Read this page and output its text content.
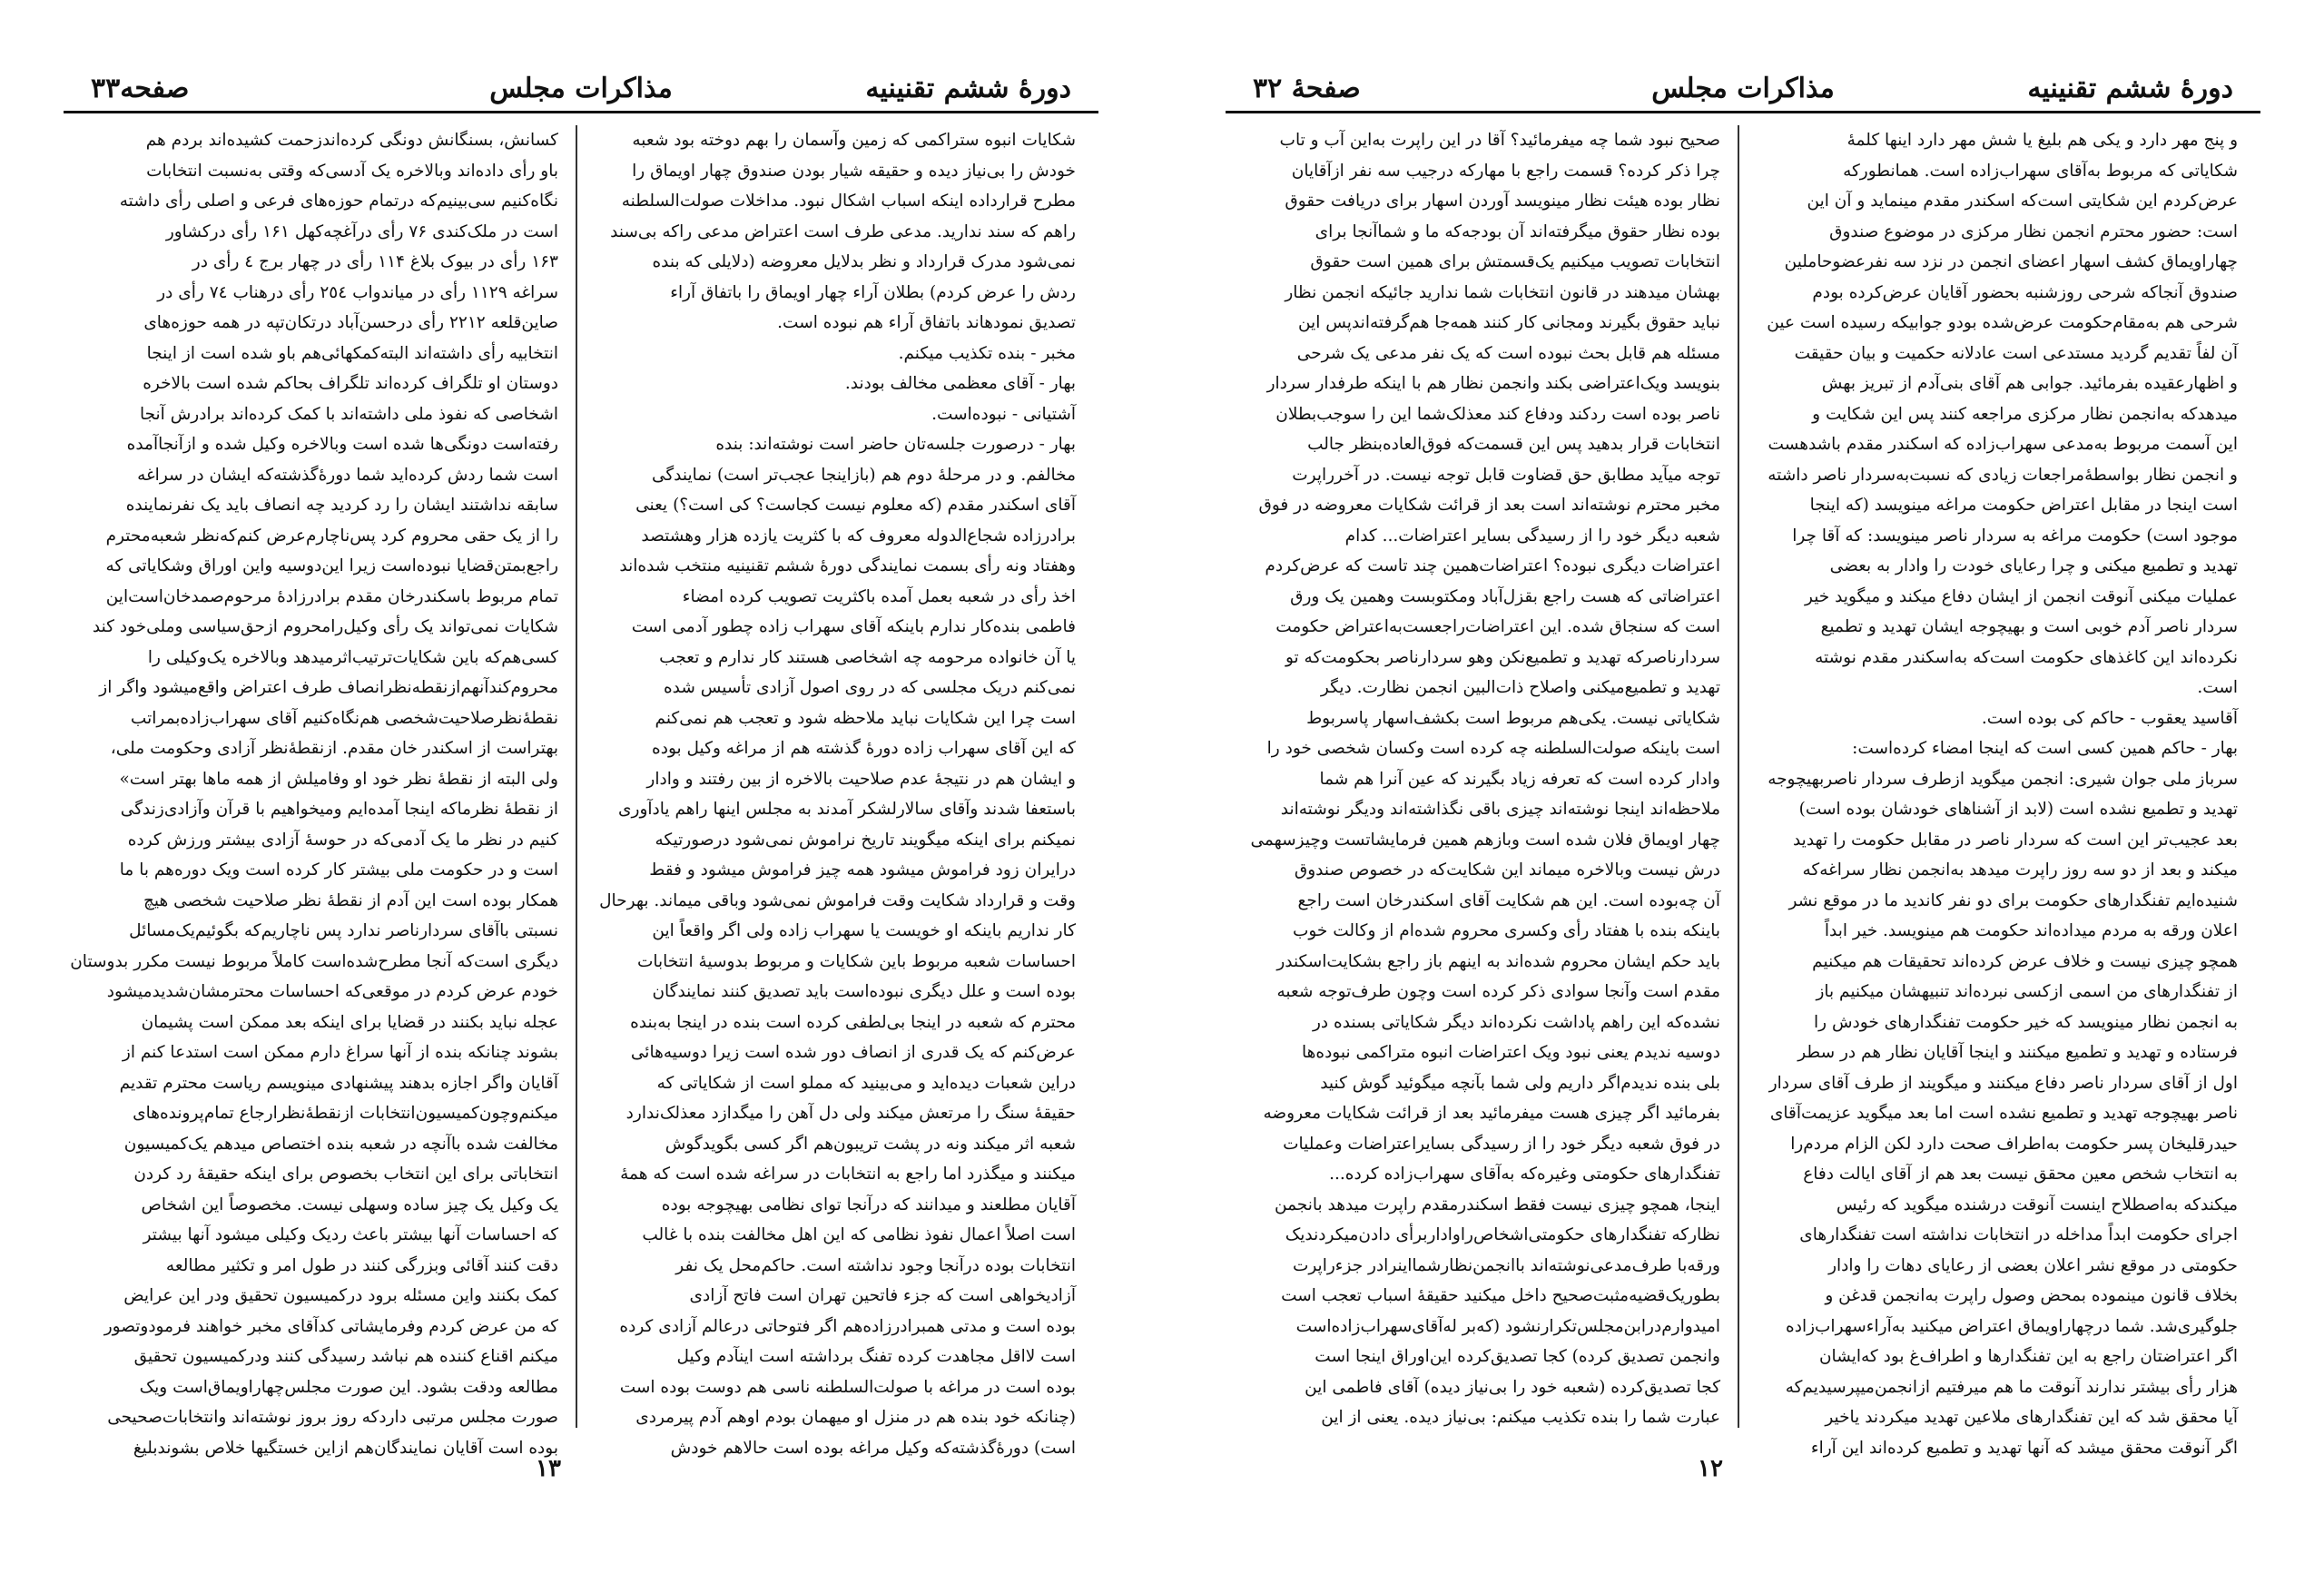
صفحه۳۳	مذاکرات مجلس	دورۀ ششم تقنینیه
کسانش، بسنگانش دونگی کرده‌اندزحمت کشیده‌اند بردم هم
باو رأی داده‌اند وبالاخره یک آدسی‌که وقتی به‌نسبت انتخابات
نگاه‌کنیم سی‌بینیم‌که درتمام حوزه‌های فرعی و اصلی رأی داشته
است در ملک‌کندی ۷۶ رأی درآغچه‌کهل ۱۶۱ رأی درکشاور
۱۶۳ رأی در بیوک بلاغ ۱۱۴ رأی در چهار برج ٤ رأی در
سراغه ۱۱۲۹ رأی در میاندواب ۲٥٤ رأی درهناب ۷٤ رأی در
صاین‌قلعه ۲۲۱۲ رأی درحسن‌آباد درتکان‌تپه در همه حوزه‌های
انتخابیه رأی داشته‌اند البته‌کمکهائی‌هم باو شده است از اینجا
دوستان او تلگراف کرده‌اند تلگراف بحاکم شده است بالاخره
اشخاصی که نفوذ ملی داشته‌اند با کمک کرده‌اند برادرش آنجا
رفته‌است دونگی‌ها شده است وبالاخره وکیل شده و ازآنجاآمده
است شما ردش کرده‌اید شما دورۀگذشته‌که ایشان در سراغه
سابقه نداشتند ایشان را رد کردید چه انصاف باید یک نفرنماینده
را از یک حقی محروم کرد پس‌ناچارم‌عرض کنم‌که‌نظر شعبه‌محترم
راجع‌بمتن‌قضایا نبوده‌است زیرا این‌دوسیه واین اوراق وشکایاتی که
تمام مربوط باسکندرخان مقدم برادرزادۀ مرحوم‌صمدخان‌است‌این
شکایات نمی‌تواند یک رأی وکیل‌رامحروم ازحق‌سیاسی وملی‌خود کند
کسی‌هم‌که باین شکایات‌ترتیب‌اثرمیدهد وبالاخره یک‌وکیلی را
محروم‌کند‌آنهم‌ازنقطه‌نظر‌انصاف طرف اعتراض واقع‌میشود واگر از
نقطۀ‌نظرصلاحیت‌شخصی هم‌نگاه‌کنیم آقای سهراب‌زاده‌بمراتب
بهتراست از اسکندر خان مقدم. ازنقطۀ‌نظر آزادی وحکومت ملی،
ولی البته از نقطۀ نظر خود او وفامیلش از همه ماها بهتر است»
از نقطۀ نظرما‌که اینجا آمده‌ایم ومیخواهیم با قرآن وآزادی‌زندگی
کنیم در نظر ما یک آدمی‌که در حوسۀ آزادی بیشتر ورزش کرده
است و در حکومت ملی بیشتر کار کرده است ویک دوره‌هم با ما
همکار بوده است این آدم از نقطۀ نظر صلاحیت شخصی هیچ
نسبتی باآقای سردارناصر ندارد پس ناچاریم‌که بگوئیم‌یک‌مسائل
دیگری است‌که آنجا مطرح‌شده‌است کاملاً مربوط نیست مکرر بدوستان
خودم عرض کردم در موقعی‌که احساسات محترمشان‌شدید‌میشود
عجله نباید بکنند در قضایا برای اینکه بعد ممکن است پشیمان
بشوند چنانکه بنده از آنها سراغ دارم ممکن است استدعا کنم از
آقایان واگر اجازه بدهند پیشنهادی مینویسم ریاست محترم تقدیم
میکنم‌وچون‌کمیسیون‌انتخابات ازنقطۀ‌نظرارجاع تمام‌پرونده‌های
مخالفت شده باآنچه در شعبه بنده اختصاص میدهم یک‌کمیسیون
انتخاباتی برای این انتخاب بخصوص برای اینکه حقیقۀ رد کردن
یک وکیل یک چیز ساده وسهلی نیست. مخصوصاً این اشخاص
که احساسات آنها بیشتر باعث ردیک وکیلی میشود آنها بیشتر
دقت کنند آقائی وبزرگی کنند در طول امر و تکثیر مطالعه
کمک بکنند واین مسئله برود درکمیسیون تحقیق ودر این عرایض
که من عرض کردم وفرمایشاتی کدآقای مخبر خواهند فرمودوتصور
میکنم اقناع کننده هم نباشد رسیدگی کنند ودرکمیسیون تحقیق
مطالعه ودقت بشود. این صورت مجلس‌چهاراویماق‌است ویک
صورت مجلس مرتبی دارد‌که روز بروز نوشته‌اند وانتخابات‌صحیحی
بوده است آقایان نمایندگان‌هم ازاین خستگیها خلاص بشوندبلیغ
شکایات انبوه ستراکمی که زمین وآسمان را بهم دوخته بود شعبه
خودش را بی‌نیاز دیده و حقیقه شیار بودن صندوق چهار اویماق را
مطرح قرارداده اینکه اسباب اشکال نبود. مداخلات صولت‌السلطنه
راهم که سند ندارید. مدعی طرف است اعتراض مدعی راکه بی‌سند
نمی‌شود مدرک قرارداد و نظر بدلایل معروضه (دلایلی که بنده
ردش را عرض کردم) بطلان آراء چهار اویماق را باتفاق آراء
تصدیق نمودهاند باتفاق آراء هم نبوده است.
مخبر - بنده تکذیب میکنم.
بهار - آقای معظمی مخالف بودند.
آشتیانی - نبوده‌است.
بهار - درصورت جلسه‌تان حاضر است نوشته‌اند: بنده
مخالفم. و در مرحلۀ دوم هم (بازاینجا عجب‌تر است) نمایندگی
آقای اسکندر مقدم (که معلوم نیست کجاست؟ کی است؟) یعنی
برادرزاده شجاع‌الدوله معروف که با کثریت یازده هزار وهشتصد
وهفتاد ونه رأی بسمت نمایندگی دورۀ ششم تقنینیه منتخب شده‌اند
اخذ رأی در شعبه بعمل آمده باکثریت تصویب کرده امضاء
فاطمی بنده‌کار ندارم باینکه آقای سهراب زاده چطور آدمی است
یا آن خانواده مرحومه چه اشخاصی هستند کار ندارم و تعجب
نمی‌کنم دریک مجلسی که در روی اصول آزادی تأسیس شده
است چرا این شکایات نباید ملاحظه شود و تعجب هم نمی‌کنم
که این آقای سهراب زاده دورۀ گذشته هم از مراغه وکیل بوده
و ایشان هم در نتیجۀ عدم صلاحیت بالاخره از بین رفتند و وادار
باستعفا شدند وآقای سالارلشکر آمدند به مجلس اینها راهم یادآوری
نمیکنم برای اینکه میگویند تاریخ نراموش نمی‌شود درصورتیکه
درایران زود فراموش میشود همه چیز فراموش میشود و فقط
وقت و قرارداد شکایت وقت فراموش نمی‌شود وباقی میماند. بهرحال
کار نداریم باینکه او خویست یا سهراب زاده ولی اگر واقعاً این
احساسات شعبه مربوط باین شکایات و مربوط بدوسیۀ انتخابات
بوده است و علل دیگری نبوده‌است باید تصدیق کنند نمایندگان
محترم که شعبه در اینجا بی‌لطفی کرده است بنده در اینجا به‌بنده
عرض‌کنم که یک قدری از انصاف دور شده است زیرا دوسیه‌هائی
دراین شعبات دیده‌اید و می‌بینید که مملو است از شکایاتی که
حقیقۀ سنگ را مرتعش میکند ولی دل آهن را میگدازد معذلک‌ندارد
شعبه اثر میکند ونه در پشت تریبون‌هم اگر کسی بگوید‌گوش
میکنند و میگذرد اما راجع به انتخابات در سراغه شده است که همۀ
آقایان مطلعند و میدانند که درآنجا توای نظامی بهیچوجه بوده
است اصلاً اعمال نفوذ نظامی که این اهل مخالفت بنده با غالب
انتخابات بوده درآنجا وجود نداشته است. حاکم‌محل یک نفر
آزادیخواهی است که جزء فاتحین تهران است فاتح آزادی
بوده است و مدتی همبرادرزاده‌هم اگر فتوحاتی درعالم آزادی کرده
است لااقل مجاهدت کرده تفنگ برداشته است اینآدم وکیل
بوده است در مراغه با صولت‌السلطنه ناسی هم دوست بوده است
(چنانکه خود بنده هم در منزل او میهمان بودم اوهم آدم پیرمردی
است) دورۀگذشته‌که وکیل مراغه بوده است حالاهم خودش
۱۳
صفحۀ ۳۲	مذاکرات مجلس	دورۀ ششم تقنینیه
صحیح نبود شما چه میفرمائید؟ آقا در این راپرت به‌این آب و تاب
چرا ذکر کرده؟ قسمت راجع با مهارکه درجیب سه نفر ازآقایان
نظار بوده هیئت نظار مینویسد آوردن اسهار برای دریافت حقوق
بوده نظار حقوق میگرفته‌اند آن بودجه‌که ما و شماآنجا برای
انتخابات تصویب میکنیم یک‌قسمتش برای همین است حقوق
بهشان میدهند در قانون انتخابات شما ندارید جائیکه انجمن نظار
نباید حقوق بگیرند ومجانی کار کنند همه‌جا هم‌گرفته‌اند‌پس این
مسئله هم قابل بحث نبوده است که یک نفر مدعی یک شرحی
بنویسد ویک‌اعتراضی بکند وانجمن نظار هم با اینکه طرفدار سردار
ناصر بوده است ردکند ودفاع کند معذلک‌شما این را سوجب‌بطلان
انتخابات قرار بدهید پس این قسمت‌که فوق‌العاده‌بنظر جالب
توجه میآید مطابق حق قضاوت قابل توجه نیست. در آخرراپرت
مخبر محترم نوشته‌اند است بعد از قرائت شکایات معروضه در فوق
شعبه دیگر خود را از رسیدگی بسایر اعتراضات... کدام
اعتراضات دیگری نبوده؟ اعتراضات‌همین چند تاست که عرض‌کردم
اعتراضاتی که هست راجع بقزل‌آباد ومکتوبست وهمین یک ورق
است که سنجاق شده. این اعتراضات‌راجعست‌به‌اعتراض حکومت
سردارناصرکه تهدید و تطمیع‌نکن وهو سردارناصر بحکومت‌که تو
تهدید و تطمیع‌میکنی واصلاح ذات‌البین انجمن نظارت. دیگر
شکایاتی نیست. یکی‌هم مربوط است بکشف‌اسهار پاسربوط
است باینکه صولت‌السلطنه چه کرده است وکسان شخصی خود را
وادار کرده است که تعرفه زیاد بگیرند که عین آنرا هم شما
ملاحظه‌اند اینجا نوشته‌اند چیزی باقی نگذاشته‌اند ودیگر نوشته‌اند
چهار اویماق فلان شده است وبازهم همین فرمایشاتست وچیزسهمی
درش نیست وبالاخره میماند این شکایت‌که در خصوص صندوق
آن چه‌بوده است. این هم شکایت آقای اسکندرخان است راجع
باینکه بنده با هفتاد رأی وکسری محروم شده‌ام از وکالت خوب
باید حکم ایشان محروم شده‌اند به اینهم باز راجع بشکایت‌اسکندر
مقدم است وآنجا سوادی ذکر کرده است وچون طرف‌توجه شعبه
نشده‌که این راهم پاداشت نکرده‌اند دیگر شکایاتی بسنده در
دوسیه ندیدم یعنی نبود ویک اعتراضات انبوه متراکمی نبوده‌ها
بلی بنده ندیدم‌اگر داریم ولی شما بآنچه میگوئید گوش کنید
بفرمائید اگر چیزی هست میفرمائید بعد از قرائت شکایات معروضه
در فوق شعبه دیگر خود را از رسیدگی بسایراعتراضات وعملیات
تفنگدارهای حکومتی وغیره‌که به‌آقای سهراب‌زاده کرده...
اینجا، همچو چیزی نیست فقط اسکندرمقدم راپرت میدهد بانجمن
نظارکه تفنگدارهای حکومتی‌اشخاص‌راواداربرأی دادن‌میکردند‌یک
ورقه‌با طرف‌مدعی‌نوشته‌اند باانجمن‌نظارشما‌اینرا‌در جزءراپرت
بطوریک‌قضیه‌مثبت‌صحیح داخل میکنید حقیقۀ اسباب تعجب است
امیدوارم‌درابن‌مجلس‌تکرارنشود (که‌بر له‌آقای‌سهراب‌زاده‌است
وانجمن تصدیق کرده) کجا تصدیق‌کرده این‌اوراق اینجا است
کجا تصدیق‌کرده (شعبه خود را بی‌نیاز دیده) آقای فاطمی این
عبارت شما را بنده تکذیب میکنم: بی‌نیاز دیده. یعنی از این
و پنج مهر دارد و یکی هم بلیغ یا شش مهر دارد اینها کلمۀ
شکایاتی که مربوط به‌آقای سهراب‌زاده است. همانطورکه
عرض‌کردم این شکایتی است‌که اسکندر مقدم مینماید و آن این
است: حضور محترم انجمن نظار مرکزی در موضوع صندوق
چهاراویماق کشف اسهار اعضای انجمن در نزد سه نفرعضوحاملین
صندوق آنجاکه شرحی روزشنبه بحضور آقایان عرض‌کرده بودم
شرحی هم به‌مقام‌حکومت عرض‌شده بودو جوابیکه رسیده است عین
آن لفاً تقدیم گردید مستدعی است عادلانه حکمیت و بیان حقیقت
و اظهارعقیده بفرمائید. جوابی هم آقای بنی‌آدم از تبریز بهش
میدهدکه به‌انجمن نظار مرکزی مراجعه کنند پس این شکایت و
این آسمت مربوط به‌مدعی سهراب‌زاده که اسکندر مقدم باشدهست
و انجمن نظار بواسطۀمراجعات زیادی که نسبت‌به‌سردار ناصر داشته
است اینجا در مقابل اعتراض حکومت مراغه مینویسد (که اینجا
موجود است) حکومت مراغه به سردار ناصر مینویسد: که آقا چرا
تهدید و تطمیع میکنی و چرا رعایای خودت را وادار به بعضی
عملیات میکنی آنوقت انجمن از ایشان دفاع میکند و میگوید خیر
سردار ناصر آدم خوبی است و بهیچوجه ایشان تهدید و تطمیع
نکرده‌اند این کاغذهای حکومت است‌که به‌اسکندر مقدم نوشته
است.
آقاسید یعقوب - حاکم کی بوده است.
بهار - حاکم همین کسی است که اینجا امضاء کرده‌است:
سرباز ملی جوان شیری: انجمن میگوید ازطرف سردار ناصربهیچوجه
تهدید و تطمیع نشده است (لابد از آشناهای خودشان بوده است)
بعد عجیب‌تر این است که سردار ناصر در مقابل حکومت را تهدید
میکند و بعد از دو سه روز راپرت میدهد به‌انجمن نظار سراغه‌که
شنیده‌ایم تفنگدارهای حکومت برای دو نفر کاندید ما در موقع نشر
اعلان ورقه به مردم میداده‌اند حکومت هم مینویسد. خیر ابداً
همچو چیزی نیست و خلاف عرض کرده‌اند تحقیقات هم میکنیم
از تفنگدارهای من اسمی ازکسی نبرده‌اند تنبیهشان میکنیم باز
به انجمن نظار مینویسد که خیر حکومت تفنگدارهای خودش را
فرستاده و تهدید و تطمیع میکنند و اینجا آقایان نظار هم در سطر
اول از آقای سردار ناصر دفاع میکنند و میگویند از طرف آقای سردار
ناصر بهیچوجه تهدید و تطمیع نشده است اما بعد میگوید عزیمت‌آقای
حیدرقلیخان پسر حکومت به‌اطراف صحت دارد لکن الزام مردم‌را
به انتخاب شخص معین محقق نیست بعد هم از آقای ایالت دفاع
میکند‌که به‌اصطلاح اینست آنوقت درشنده میگوید که رئیس
اجرای حکومت ابداً مداخله در انتخابات نداشته است تفنگدارهای
حکومتی در موقع نشر اعلان بعضی از رعایای دهات را وادار
بخلاف قانون مینموده بمحض وصول راپرت به‌انجمن قدغن و
جلوگیری‌شد. شما درچهاراویماق اعتراض میکنید به‌آراء‌سهراب‌زاده
اگر اعتراضتان راجع به این تفنگدارها و اطراف‌غ بود که‌ایشان
هزار رأی بیشتر ندارند آنوقت ما هم میرفتیم ازانجمن‌میپرسیدیم‌که
آیا محقق شد که این تفنگدارهای ملاعین تهدید میکردند یاخیر
اگر آنوقت محقق میشد که آنها تهدید و تطمیع کرده‌اند این آراء
۱۲
